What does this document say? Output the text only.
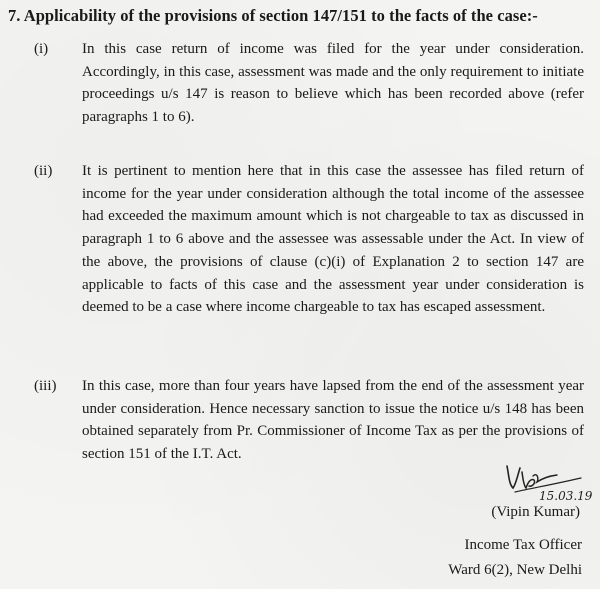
7. Applicability of the provisions of section 147/151 to the facts of the case:-
(i) In this case return of income was filed for the year under consideration. Accordingly, in this case, assessment was made and the only requirement to initiate proceedings u/s 147 is reason to believe which has been recorded above (refer paragraphs 1 to 6).
(ii) It is pertinent to mention here that in this case the assessee has filed return of income for the year under consideration although the total income of the assessee had exceeded the maximum amount which is not chargeable to tax as discussed in paragraph 1 to 6 above and the assessee was assessable under the Act. In view of the above, the provisions of clause (c)(i) of Explanation 2 to section 147 are applicable to facts of this case and the assessment year under consideration is deemed to be a case where income chargeable to tax has escaped assessment.
(iii) In this case, more than four years have lapsed from the end of the assessment year under consideration. Hence necessary sanction to issue the notice u/s 148 has been obtained separately from Pr. Commissioner of Income Tax as per the provisions of section 151 of the I.T. Act.
15.03.19
(Vipin Kumar)
Income Tax Officer
Ward 6(2), New Delhi
